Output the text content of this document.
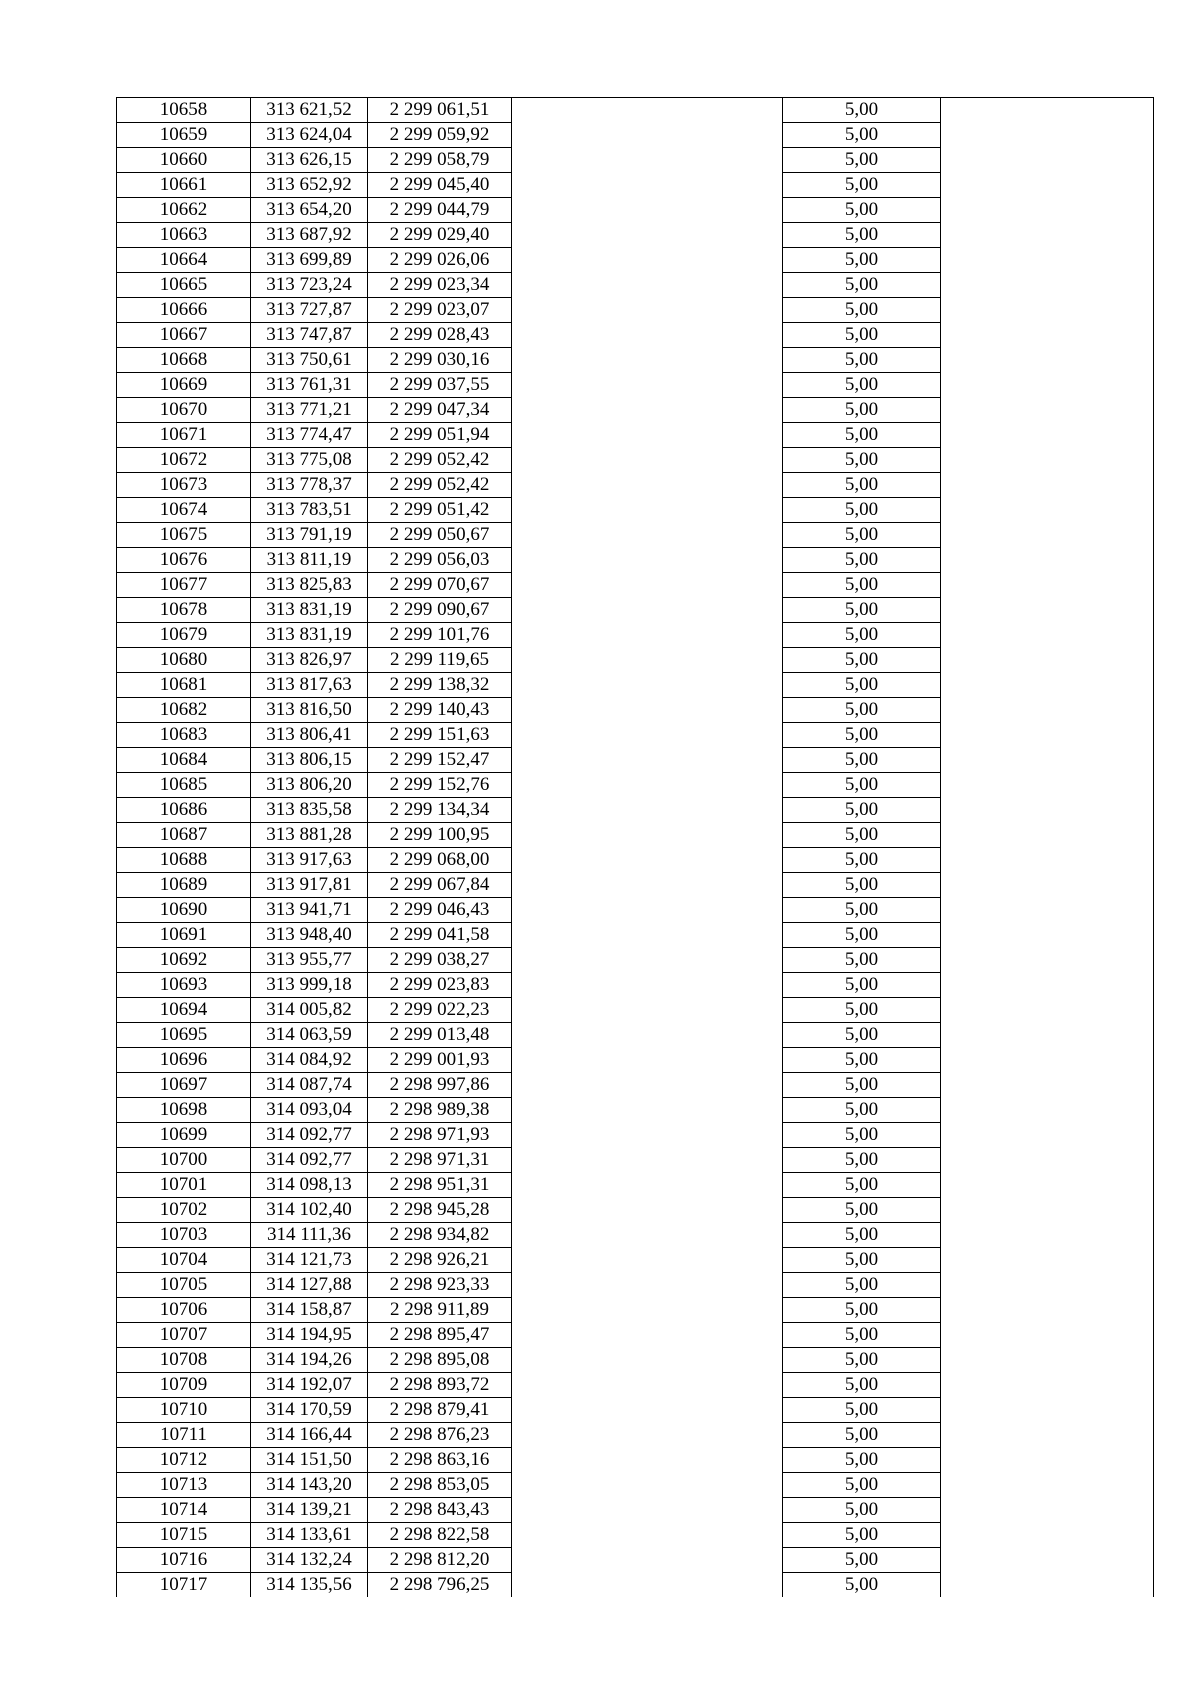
10658	313 621,52	2 299 061,51		5,00	
10659	313 624,04	2 299 059,92		5,00	
10660	313 626,15	2 299 058,79		5,00	
10661	313 652,92	2 299 045,40		5,00	
10662	313 654,20	2 299 044,79		5,00	
10663	313 687,92	2 299 029,40		5,00	
10664	313 699,89	2 299 026,06		5,00	
10665	313 723,24	2 299 023,34		5,00	
10666	313 727,87	2 299 023,07		5,00	
10667	313 747,87	2 299 028,43		5,00	
10668	313 750,61	2 299 030,16		5,00	
10669	313 761,31	2 299 037,55		5,00	
10670	313 771,21	2 299 047,34		5,00	
10671	313 774,47	2 299 051,94		5,00	
10672	313 775,08	2 299 052,42		5,00	
10673	313 778,37	2 299 052,42		5,00	
10674	313 783,51	2 299 051,42		5,00	
10675	313 791,19	2 299 050,67		5,00	
10676	313 811,19	2 299 056,03		5,00	
10677	313 825,83	2 299 070,67		5,00	
10678	313 831,19	2 299 090,67		5,00	
10679	313 831,19	2 299 101,76		5,00	
10680	313 826,97	2 299 119,65		5,00	
10681	313 817,63	2 299 138,32		5,00	
10682	313 816,50	2 299 140,43		5,00	
10683	313 806,41	2 299 151,63		5,00	
10684	313 806,15	2 299 152,47		5,00	
10685	313 806,20	2 299 152,76		5,00	
10686	313 835,58	2 299 134,34		5,00	
10687	313 881,28	2 299 100,95		5,00	
10688	313 917,63	2 299 068,00		5,00	
10689	313 917,81	2 299 067,84		5,00	
10690	313 941,71	2 299 046,43		5,00	
10691	313 948,40	2 299 041,58		5,00	
10692	313 955,77	2 299 038,27		5,00	
10693	313 999,18	2 299 023,83		5,00	
10694	314 005,82	2 299 022,23		5,00	
10695	314 063,59	2 299 013,48		5,00	
10696	314 084,92	2 299 001,93		5,00	
10697	314 087,74	2 298 997,86		5,00	
10698	314 093,04	2 298 989,38		5,00	
10699	314 092,77	2 298 971,93		5,00	
10700	314 092,77	2 298 971,31		5,00	
10701	314 098,13	2 298 951,31		5,00	
10702	314 102,40	2 298 945,28		5,00	
10703	314 111,36	2 298 934,82		5,00	
10704	314 121,73	2 298 926,21		5,00	
10705	314 127,88	2 298 923,33		5,00	
10706	314 158,87	2 298 911,89		5,00	
10707	314 194,95	2 298 895,47		5,00	
10708	314 194,26	2 298 895,08		5,00	
10709	314 192,07	2 298 893,72		5,00	
10710	314 170,59	2 298 879,41		5,00	
10711	314 166,44	2 298 876,23		5,00	
10712	314 151,50	2 298 863,16		5,00	
10713	314 143,20	2 298 853,05		5,00	
10714	314 139,21	2 298 843,43		5,00	
10715	314 133,61	2 298 822,58		5,00	
10716	314 132,24	2 298 812,20		5,00	
10717	314 135,56	2 298 796,25		5,00	
